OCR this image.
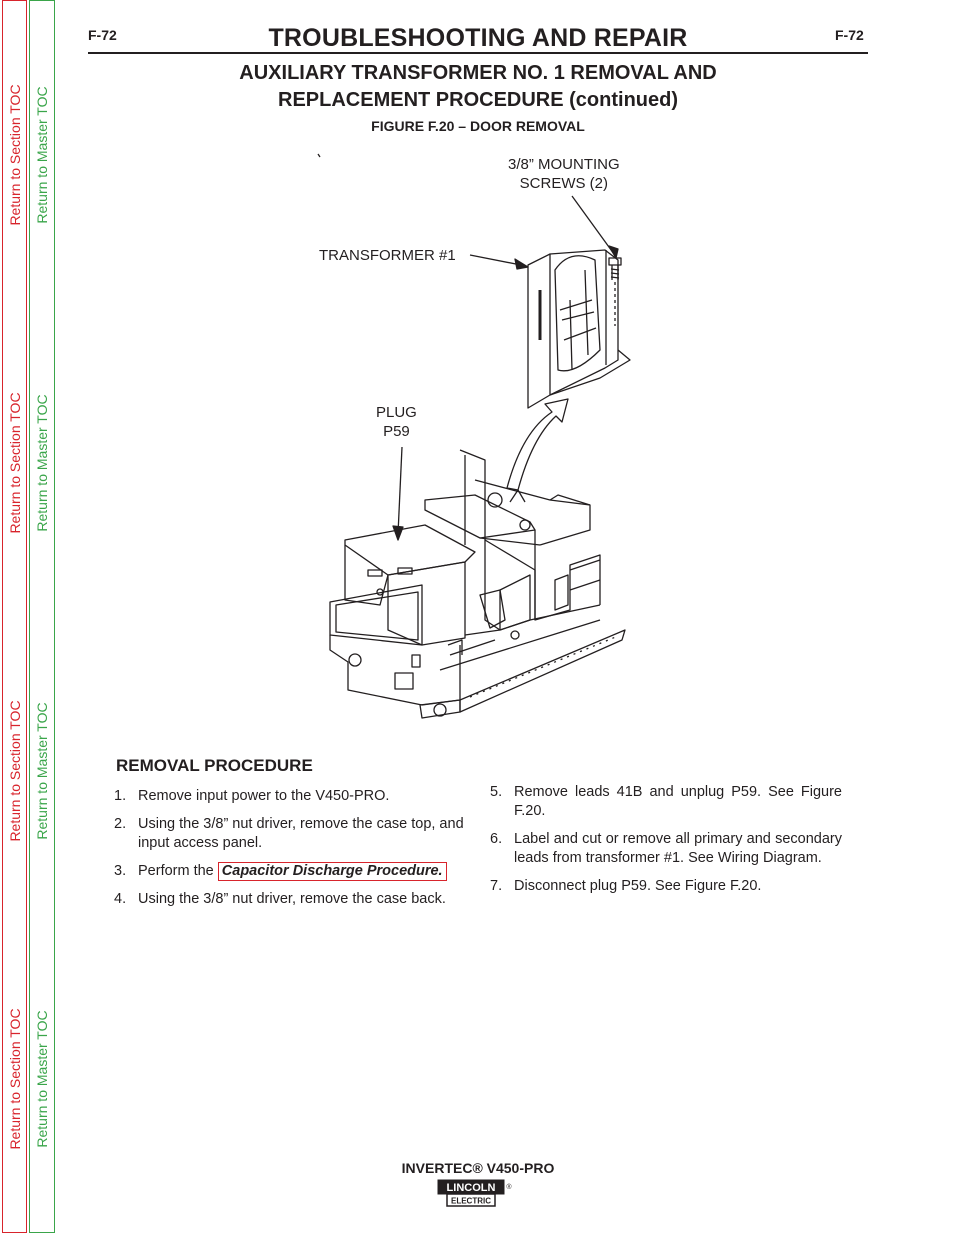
Return to Section TOC
Return to Section TOC
Return to Section TOC
Return to Section TOC
Return to Master TOC
Return to Master TOC
Return to Master TOC
Return to Master TOC
F-72	TROUBLESHOOTING AND REPAIR	F-72
AUXILIARY TRANSFORMER NO. 1 REMOVAL AND
REPLACEMENT PROCEDURE (continued)
FIGURE F.20 – DOOR REMOVAL
3/8” MOUNTING
SCREWS (2)
TRANSFORMER #1
PLUG
P59
REMOVAL PROCEDURE
1. Remove input power to the V450-PRO.
2. Using the 3/8” nut driver, remove the case top, and input access panel.
3. Perform the Capacitor Discharge Procedure.
4. Using the 3/8” nut driver, remove the case back.
5. Remove leads 41B and unplug P59. See Figure F.20.
6. Label and cut or remove all primary and secondary leads from transformer #1. See Wiring Diagram.
7. Disconnect plug P59. See Figure F.20.
INVERTEC® V450-PRO
LINCOLN
ELECTRIC
®
